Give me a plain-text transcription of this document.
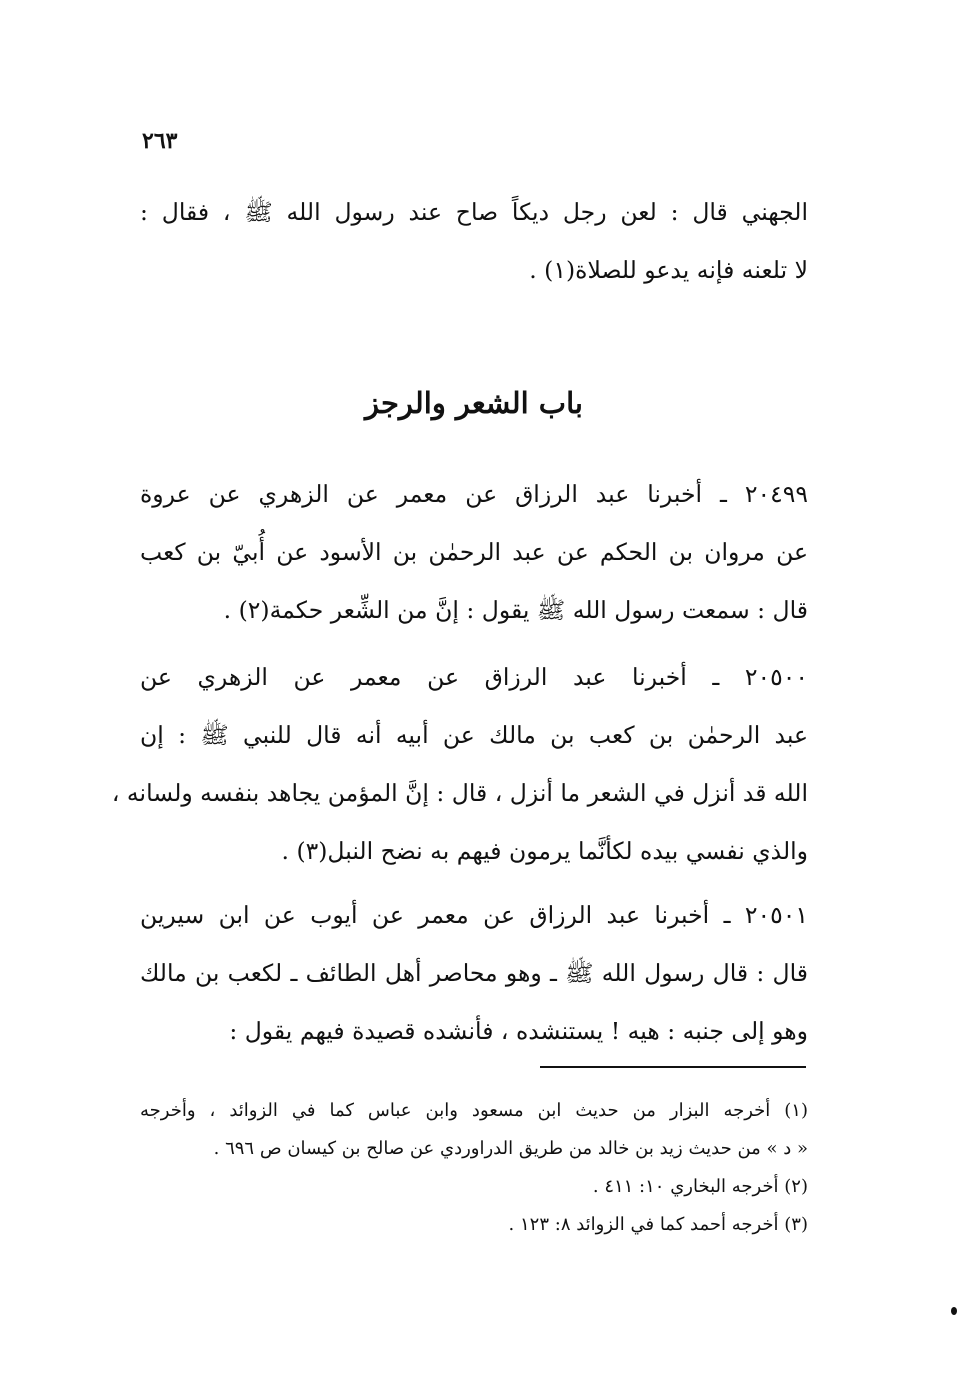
٢٦٣
الجهني قال : لعن رجل ديكاً صاح عند رسول الله ﷺ ، فقال :
لا تلعنه فإنه يدعو للصلاة(١) .
باب الشعر والرجز
٢٠٤٩٩ ـ أخبرنا عبد الرزاق عن معمر عن الزهري عن عروة
عن مروان بن الحكم عن عبد الرحمٰن بن الأسود عن أُبيّ بن كعب
قال : سمعت رسول الله ﷺ يقول : إنَّ من الشِّعر حكمة(٢) .
٢٠٥٠٠ ـ أخبرنا عبد الرزاق عن معمر عن الزهري عن
عبد الرحمٰن بن كعب بن مالك عن أبيه أنه قال للنبي ﷺ : إن
الله قد أنزل في الشعر ما أنزل ، قال : إنَّ المؤمن يجاهد بنفسه ولسانه ،
والذي نفسي بيده لكأنَّما يرمون فيهم به نضح النبل(٣) .
٢٠٥٠١ ـ أخبرنا عبد الرزاق عن معمر عن أيوب عن ابن سيرين
قال : قال رسول الله ﷺ ـ وهو محاصر أهل الطائف ـ لكعب بن مالك
وهو إلى جنبه : هيه ! يستنشده ، فأنشده قصيدة فيهم يقول :
(١) أخرجه البزار من حديث ابن مسعود وابن عباس كما في الزوائد ، وأخرجه
« د » من حديث زيد بن خالد من طريق الدراوردي عن صالح بن كيسان ص ٦٩٦ .
(٢) أخرجه البخاري ١٠: ٤١١ .
(٣) أخرجه أحمد كما في الزوائد ٨: ١٢٣ .
